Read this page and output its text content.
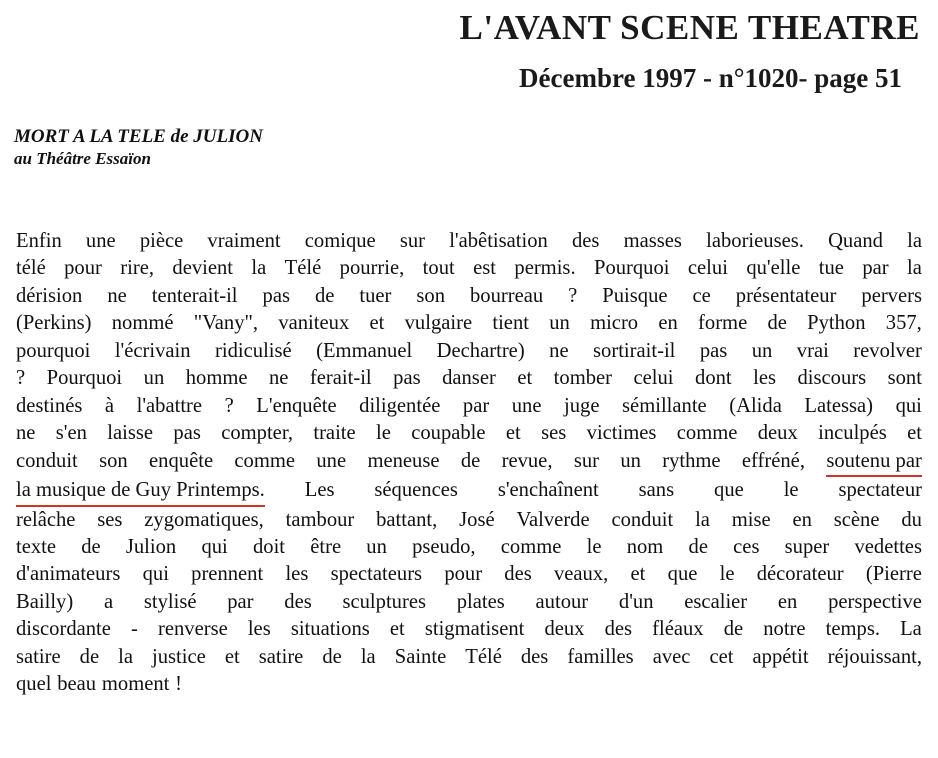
L'AVANT SCENE THEATRE
Décembre 1997 - n°1020- page 51
MORT A LA TELE de JULION
au Théâtre Essaïon
Enfin une pièce vraiment comique sur l'abêtisation des masses laborieuses. Quand la
télé pour rire, devient la Télé pourrie, tout est permis. Pourquoi celui qu'elle tue par la
dérision ne tenterait-il pas de tuer son bourreau ? Puisque ce présentateur pervers
(Perkins) nommé "Vany", vaniteux et vulgaire tient un micro en forme de Python 357,
pourquoi l'écrivain ridiculisé (Emmanuel Dechartre) ne sortirait-il pas un vrai revolver
? Pourquoi un homme ne ferait-il pas danser et tomber celui dont les discours sont
destinés à l'abattre ? L'enquête diligentée par une juge sémillante (Alida Latessa) qui
ne s'en laisse pas compter, traite le coupable et ses victimes comme deux inculpés et
conduit son enquête comme une meneuse de revue, sur un rythme effréné, soutenu par
la musique de Guy Printemps. Les séquences s'enchaînent sans que le spectateur
relâche ses zygomatiques, tambour battant, José Valverde conduit la mise en scène du
texte de Julion qui doit être un pseudo, comme le nom de ces super vedettes
d'animateurs qui prennent les spectateurs pour des veaux, et que le décorateur (Pierre
Bailly) a stylisé par des sculptures plates autour d'un escalier en perspective
discordante - renverse les situations et stigmatisent deux des fléaux de notre temps. La
satire de la justice et satire de la Sainte Télé des familles avec cet appétit réjouissant,
quel beau moment !
